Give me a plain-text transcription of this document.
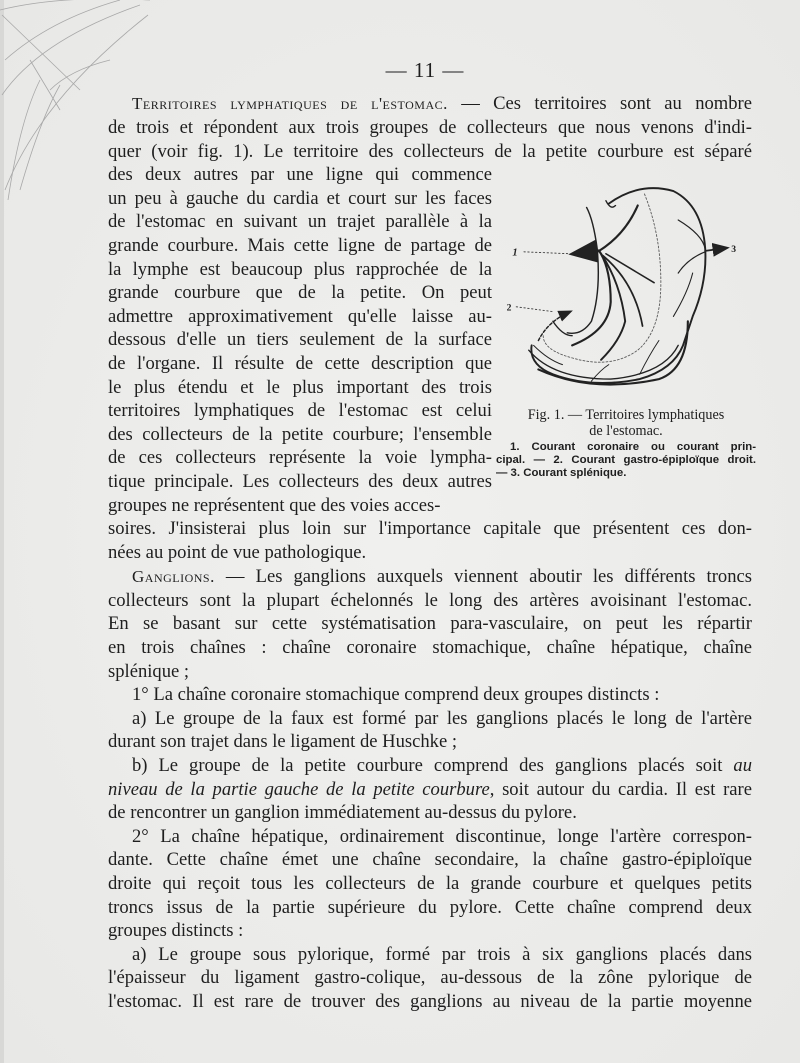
— 11 —
Territoires lymphatiques de l'estomac. — Ces territoires sont au nombre
de trois et répondent aux trois groupes de collecteurs que nous venons d'indi-
quer (voir fig. 1). Le territoire des collecteurs de la petite courbure est séparé
des deux autres par une ligne qui commence
un peu à gauche du cardia et court sur les faces
de l'estomac en suivant un trajet parallèle à la
grande courbure. Mais cette ligne de partage de
la lymphe est beaucoup plus rapprochée de la
grande courbure que de la petite. On peut
admettre approximativement qu'elle laisse au-
dessous d'elle un tiers seulement de la surface
de l'organe. Il résulte de cette description que
le plus étendu et le plus important des trois
territoires lymphatiques de l'estomac est celui
des collecteurs de la petite courbure; l'ensemble
de ces collecteurs représente la voie lympha-
tique principale. Les collecteurs des deux autres
groupes ne représentent que des voies acces-
soires. J'insisterai plus loin sur l'importance capitale que présentent ces don-
nées au point de vue pathologique.
1
2
3
Fig. 1. — Territoires lymphatiques
de l'estomac.
1. Courant coronaire ou courant prin-
cipal. — 2. Courant gastro-épiploïque droit.
— 3. Courant splénique.
Ganglions. — Les ganglions auxquels viennent aboutir les différents troncs
collecteurs sont la plupart échelonnés le long des artères avoisinant l'estomac.
En se basant sur cette systématisation para-vasculaire, on peut les répartir
en trois chaînes : chaîne coronaire stomachique, chaîne hépatique, chaîne
splénique ;
1° La chaîne coronaire stomachique comprend deux groupes distincts :
a) Le groupe de la faux est formé par les ganglions placés le long de l'artère
durant son trajet dans le ligament de Huschke ;
b) Le groupe de la petite courbure comprend des ganglions placés soit au
niveau de la partie gauche de la petite courbure, soit autour du cardia. Il est rare
de rencontrer un ganglion immédiatement au-dessus du pylore.
2° La chaîne hépatique, ordinairement discontinue, longe l'artère correspon-
dante. Cette chaîne émet une chaîne secondaire, la chaîne gastro-épiploïque
droite qui reçoit tous les collecteurs de la grande courbure et quelques petits
troncs issus de la partie supérieure du pylore. Cette chaîne comprend deux
groupes distincts :
a) Le groupe sous pylorique, formé par trois à six ganglions placés dans
l'épaisseur du ligament gastro-colique, au-dessous de la zône pylorique de
l'estomac. Il est rare de trouver des ganglions au niveau de la partie moyenne
